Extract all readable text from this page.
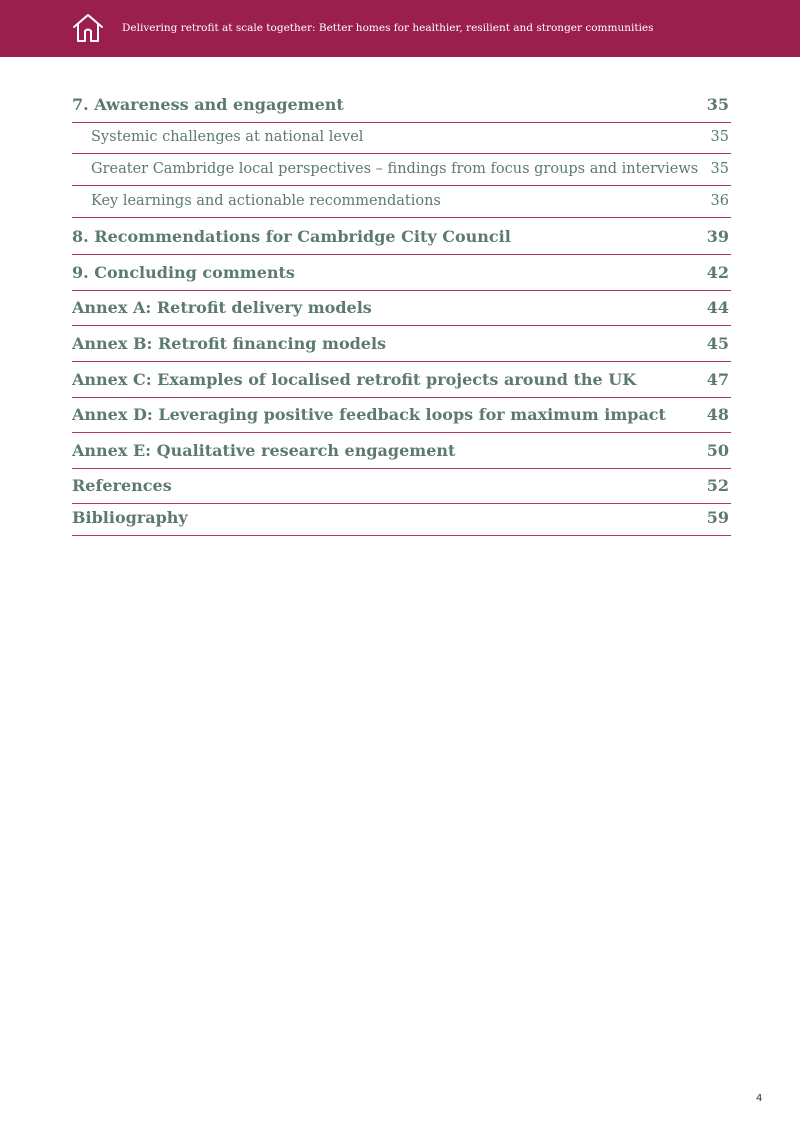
Delivering retrofit at scale together: Better homes for healthier, resilient and stronger communities
7. Awareness and engagement	35
Systemic challenges at national level	35
Greater Cambridge local perspectives – findings from focus groups and interviews 35
Key learnings and actionable recommendations	36
8. Recommendations for Cambridge City Council	39
9. Concluding comments	42
Annex A: Retrofit delivery models	44
Annex B: Retrofit financing models	45
Annex C: Examples of localised retrofit projects around the UK	47
Annex D: Leveraging positive feedback loops for maximum impact	48
Annex E: Qualitative research engagement	50
References	52
Bibliography	59
4
